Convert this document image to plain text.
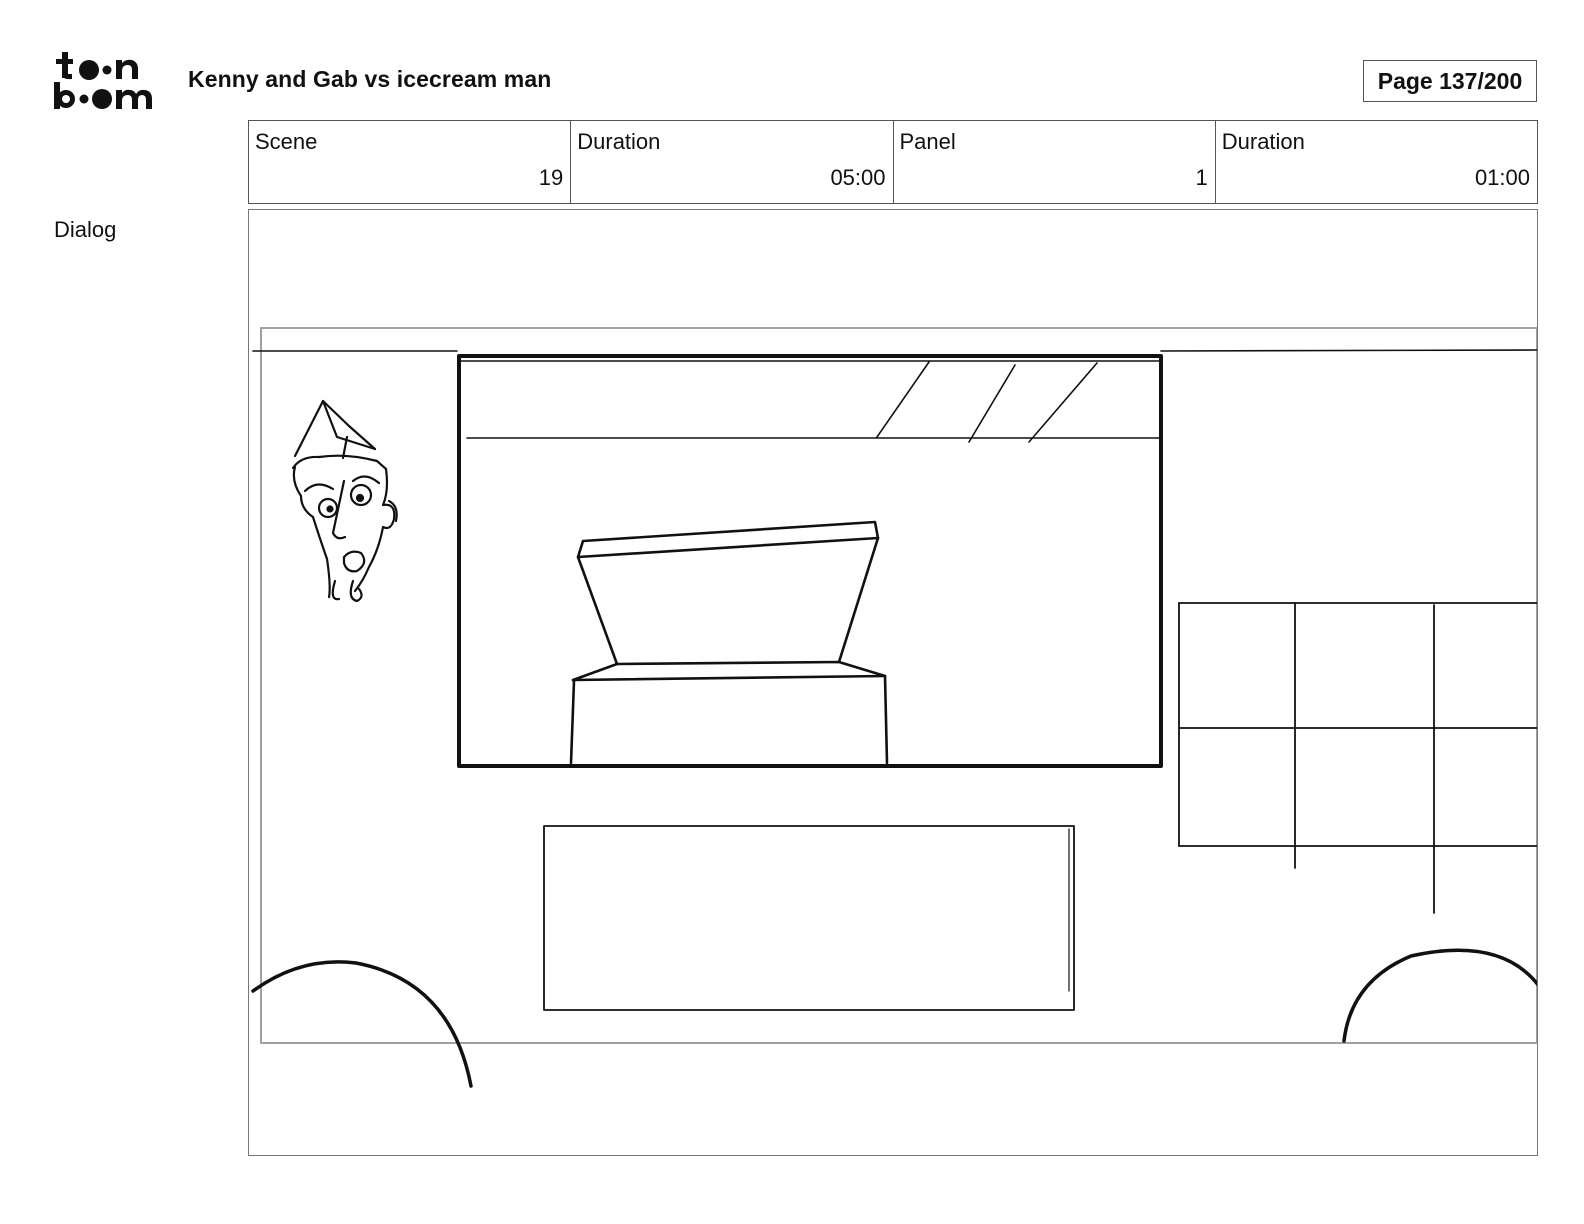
Kenny and Gab vs icecream man	Page 137/200
Scene
19
Duration
05:00
Panel
1
Duration
01:00
Dialog
